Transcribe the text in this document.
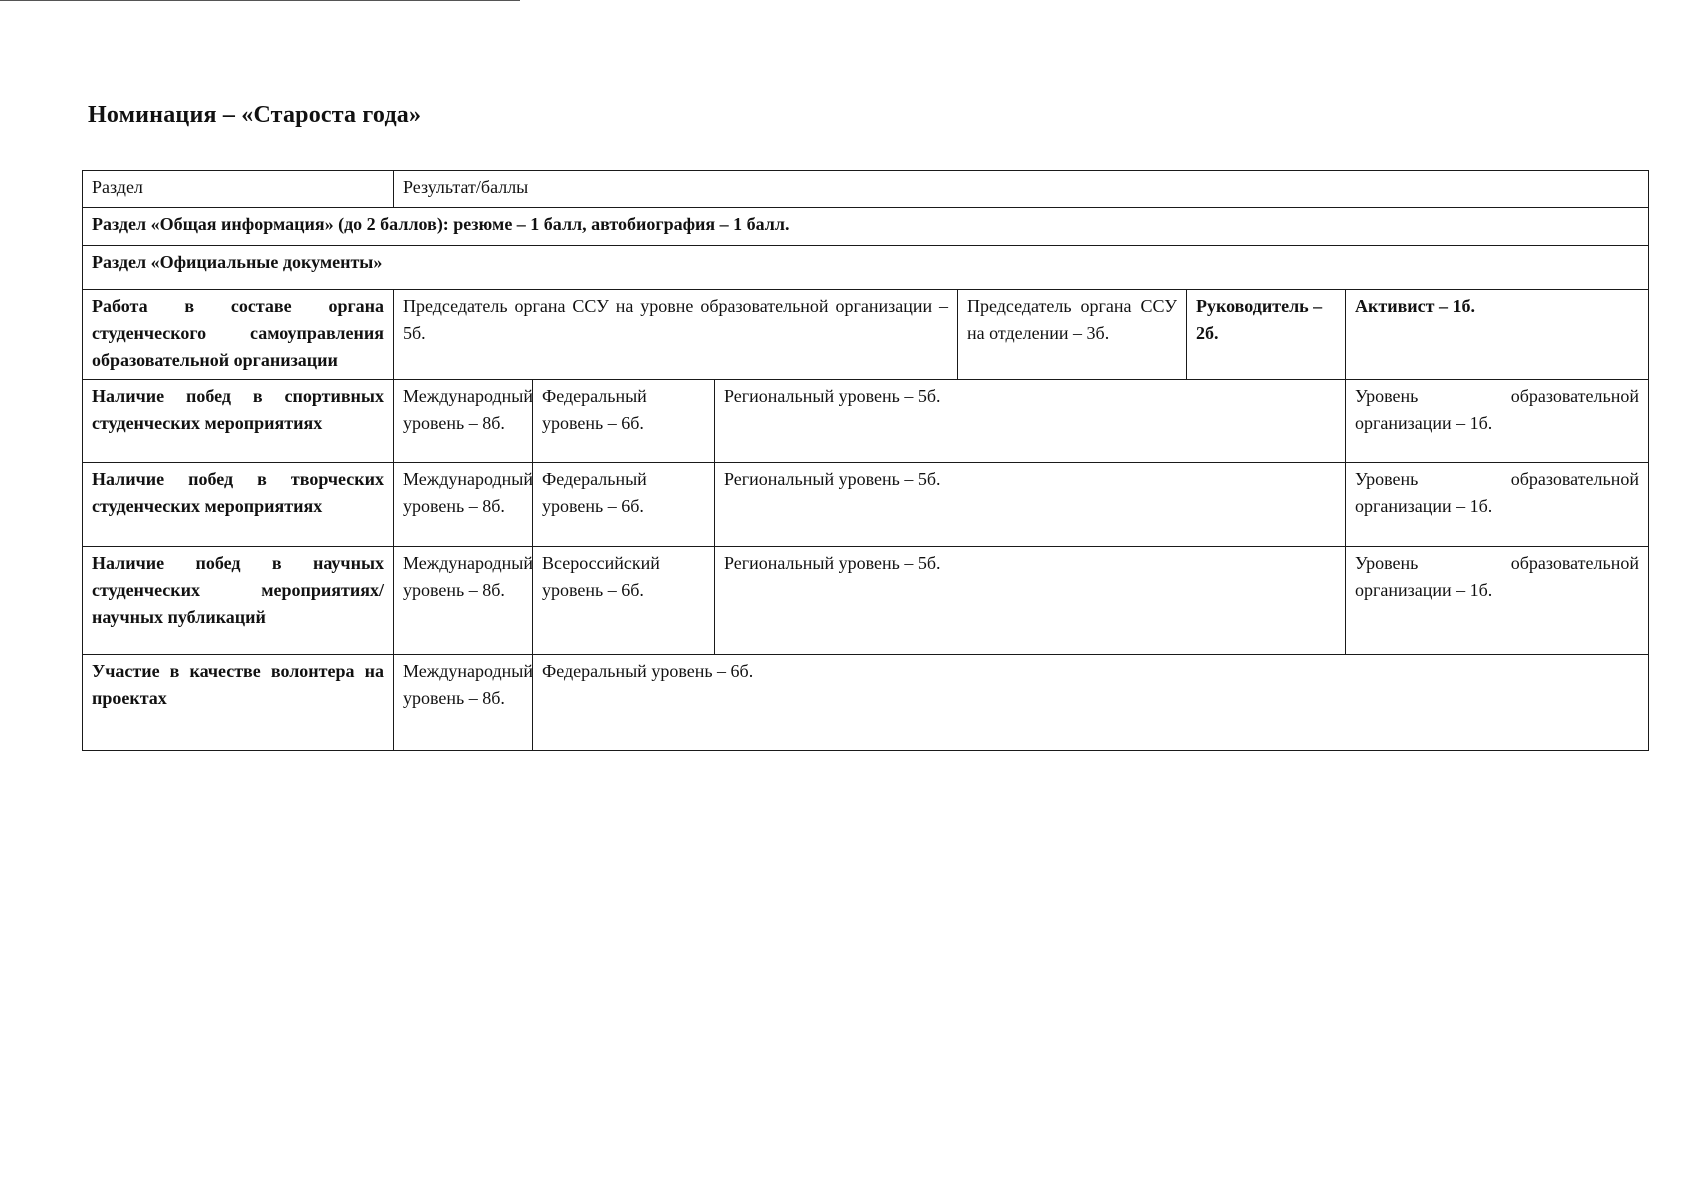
Номинация – «Староста года»
Раздел	Результат/баллы					
Раздел «Общая информация» (до 2 баллов): резюме – 1 балл, автобиография – 1 балл.						
Раздел «Официальные документы»						
Работа в составе органа студенческого самоуправления образовательной организации	Председатель органа ССУ на уровне образовательной организации – 5б.			Председатель органа ССУ на отделении – 3б.	Руководитель – 2б.	Активист – 1б.
Наличие побед в спортивных студенческих мероприятиях	Международный уровень – 8б.	Федеральный уровень – 6б.	Региональный уровень – 5б.			Уровень образовательной организации – 1б.
Наличие побед в творческих студенческих мероприятиях	Международный уровень – 8б.	Федеральный уровень – 6б.	Региональный уровень – 5б.			Уровень образовательной организации – 1б.
Наличие побед в научных студенческих мероприятиях/научных публикаций	Международный уровень – 8б.	Всероссийский уровень – 6б.	Региональный уровень – 5б.			Уровень образовательной организации – 1б.
Участие в качестве волонтера на проектах	Международный уровень – 8б.	Федеральный уровень – 6б.				
